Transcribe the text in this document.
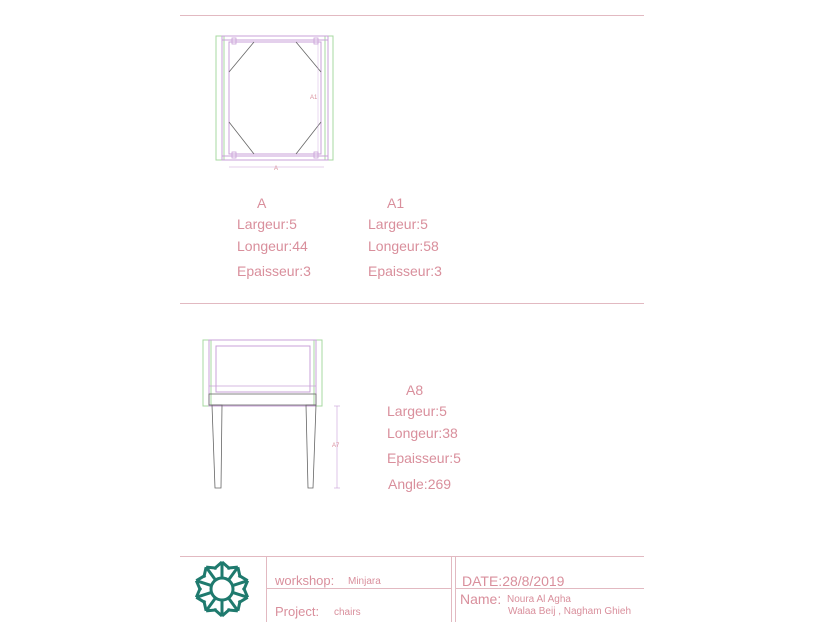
A
A1
A
Largeur:5
Longeur:44
Epaisseur:3
A1
Largeur:5
Longeur:58
Epaisseur:3
A7
A8
Largeur:5
Longeur:38
Epaisseur:5
Angle:269
workshop: Minjara
Project: chairs
DATE:28/8/2019
Name: Noura Al Agha
Walaa Beij , Nagham Ghieh
